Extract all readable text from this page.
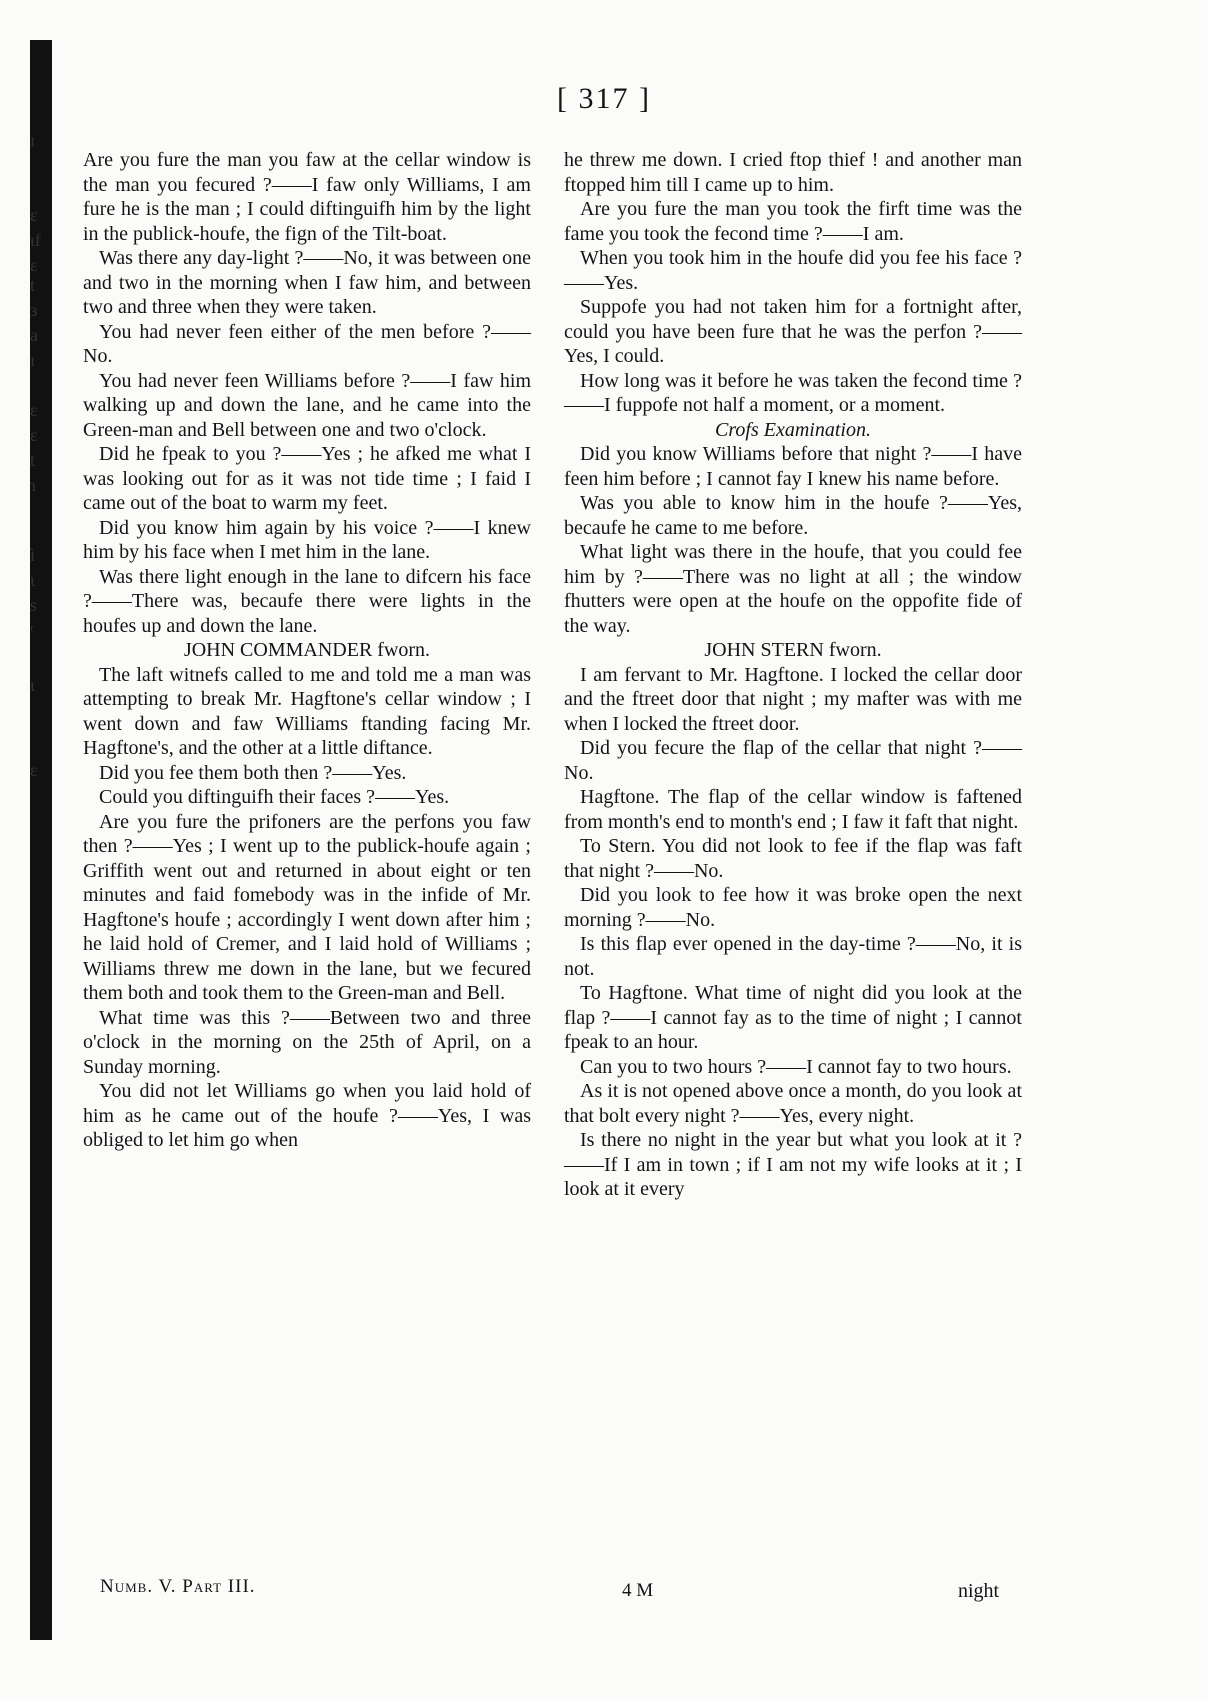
ı
ɛ
ɩf
ɛ
t
ɜ
a
ı
ɛ
ɛ
t
ɿ
ì
ɩ
s
ʳ
ɩ
ɛ
[ 317 ]

Are you fure the man you faw at the cellar window is the man you fecured ?——I faw only Williams, I am fure he is the man ; I could diftinguifh him by the light in the publick-houfe, the fign of the Tilt-boat.

Was there any day-light ?——No, it was between one and two in the morning when I faw him, and between two and three when they were taken.

You had never feen either of the men before ?——No.

You had never feen Williams before ?——I faw him walking up and down the lane, and he came into the Green-man and Bell between one and two o'clock.

Did he fpeak to you ?——Yes ; he afked me what I was looking out for as it was not tide time ; I faid I came out of the boat to warm my feet.

Did you know him again by his voice ?——I knew him by his face when I met him in the lane.

Was there light enough in the lane to difcern his face ?——There was, becaufe there were lights in the houfes up and down the lane.

JOHN COMMANDER fworn.

The laft witnefs called to me and told me a man was attempting to break Mr. Hagftone's cellar window ; I went down and faw Williams ftanding facing Mr. Hagftone's, and the other at a little diftance.

Did you fee them both then ?——Yes.

Could you diftinguifh their faces ?——Yes.

Are you fure the prifoners are the perfons you faw then ?——Yes ; I went up to the publick-houfe again ; Griffith went out and returned in about eight or ten minutes and faid fomebody was in the infide of Mr. Hagftone's houfe ; accordingly I went down after him ; he laid hold of Cremer, and I laid hold of Williams ; Williams threw me down in the lane, but we fecured them both and took them to the Green-man and Bell.

What time was this ?——Between two and three o'clock in the morning on the 25th of April, on a Sunday morning.

You did not let Williams go when you laid hold of him as he came out of the houfe ?——Yes, I was obliged to let him go when

he threw me down. I cried ftop thief ! and another man ftopped him till I came up to him.

Are you fure the man you took the firft time was the fame you took the fecond time ?——I am.

When you took him in the houfe did you fee his face ?——Yes.

Suppofe you had not taken him for a fortnight after, could you have been fure that he was the perfon ?——Yes, I could.

How long was it before he was taken the fecond time ?——I fuppofe not half a moment, or a moment.

Crofs Examination.

Did you know Williams before that night ?——I have feen him before ; I cannot fay I knew his name before.

Was you able to know him in the houfe ?——Yes, becaufe he came to me before.

What light was there in the houfe, that you could fee him by ?——There was no light at all ; the window fhutters were open at the houfe on the oppofite fide of the way.

JOHN STERN fworn.

I am fervant to Mr. Hagftone. I locked the cellar door and the ftreet door that night ; my mafter was with me when I locked the ftreet door.

Did you fecure the flap of the cellar that night ?——No.

Hagftone. The flap of the cellar window is faftened from month's end to month's end ; I faw it faft that night.

To Stern. You did not look to fee if the flap was faft that night ?——No.

Did you look to fee how it was broke open the next morning ?——No.

Is this flap ever opened in the day-time ?——No, it is not.

To Hagftone. What time of night did you look at the flap ?——I cannot fay as to the time of night ; I cannot fpeak to an hour.

Can you to two hours ?——I cannot fay to two hours.

As it is not opened above once a month, do you look at that bolt every night ?——Yes, every night.

Is there no night in the year but what you look at it ?——If I am in town ; if I am not my wife looks at it ; I look at it every

Numb. V. Part III.	4 M	night
